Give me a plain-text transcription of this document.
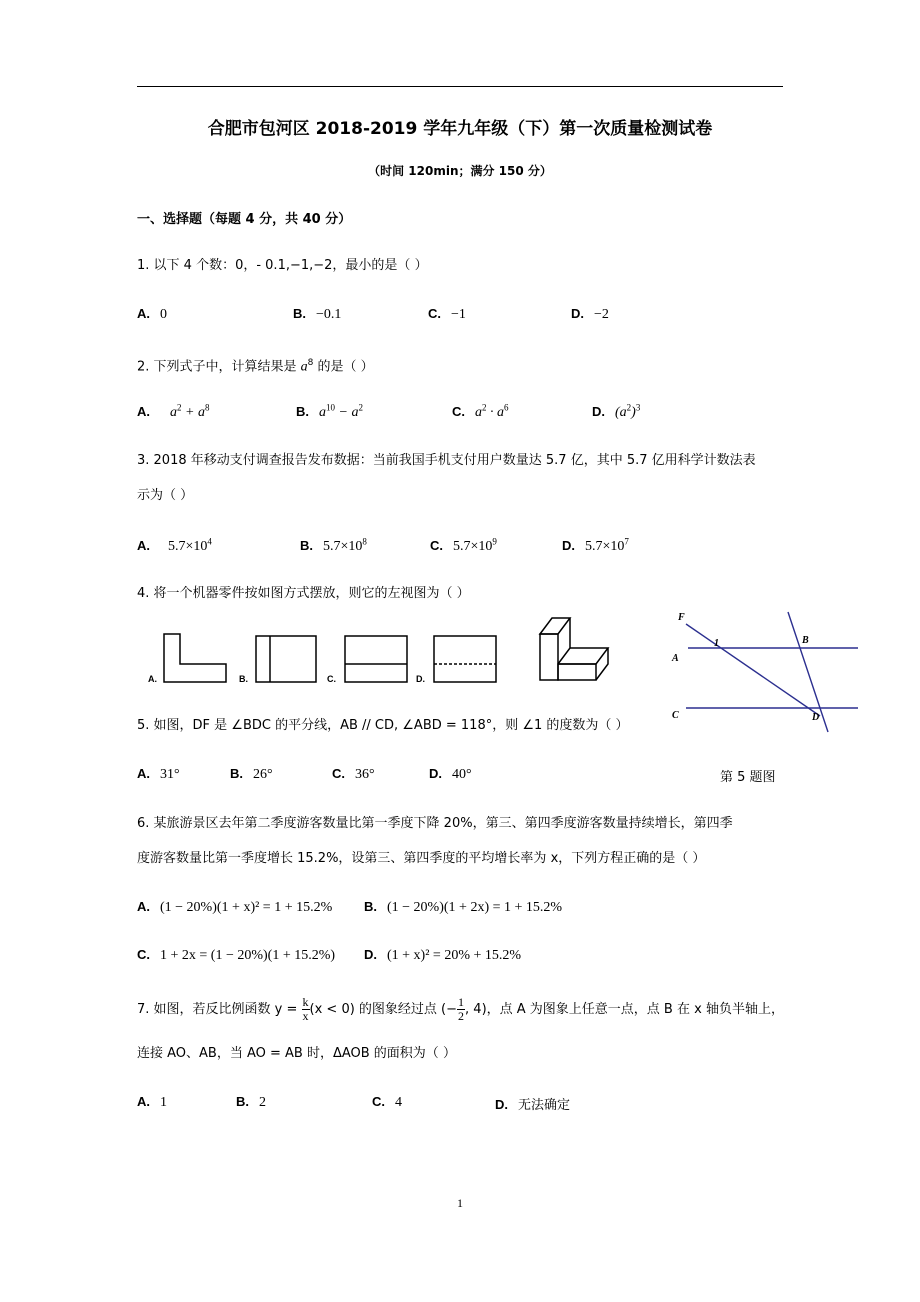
合肥市包河区 2018-2019 学年九年级（下）第一次质量检测试卷
（时间 120min；满分 150 分）
一、选择题（每题 4 分，共 40 分）
1. 以下 4 个数：0，- 0.1,−1,−2，最小的是（ ）
A. 0	B. −0.1	C. −1	D. −2
2. 下列式子中，计算结果是 $a^8$ 的是（ ）
A. $a^2 + a^8$	B. $a^{10} - a^2$	C. $a^2 \cdot a^6$	D. $(a^2)^3$
3. 2018 年移动支付调查报告发布数据：当前我国手机支付用户数量达 5.7 亿，其中 5.7 亿用科学计数法表
示为（ ）
A. $5.7\times 10^4$	B. $5.7\times 10^8$	C. $5.7\times 10^9$	D. $5.7\times 10^7$
4. 将一个机器零件按如图方式摆放，则它的左视图为（ ）
A.	B.	C.	D.
F
A
B
C	D
1
5. 如图，DF 是 ∠BDC 的平分线，AB // CD, ∠ABD = 118°，则 ∠1 的度数为（ ）
A. 31°	B. 26°	C. 36°	D. 40°	第 5 题图
6. 某旅游景区去年第二季度游客数量比第一季度下降 20%，第三、第四季度游客数量持续增长，第四季
度游客数量比第一季度增长 15.2%，设第三、第四季度的平均增长率为 x，下列方程正确的是（ ）
A. (1 − 20%)(1 + x)² = 1 + 15.2% B. (1 − 20%)(1 + 2x) = 1 + 15.2%
C. 1 + 2x = (1 − 20%)(1 + 15.2%) D. (1 + x)² = 20% + 15.2%
7. 如图，若反比例函数 $y = \frac{k}{x} (x < 0)$ 的图象经过点 (− $\frac{1}{2}$ , 4)，点 A 为图象上任意一点，点 B 在 x 轴负半轴上，
连接 AO、AB，当 AO = AB 时，ΔAOB 的面积为（ ）
A. 1	B. 2	C. 4	D. 无法确定
1
